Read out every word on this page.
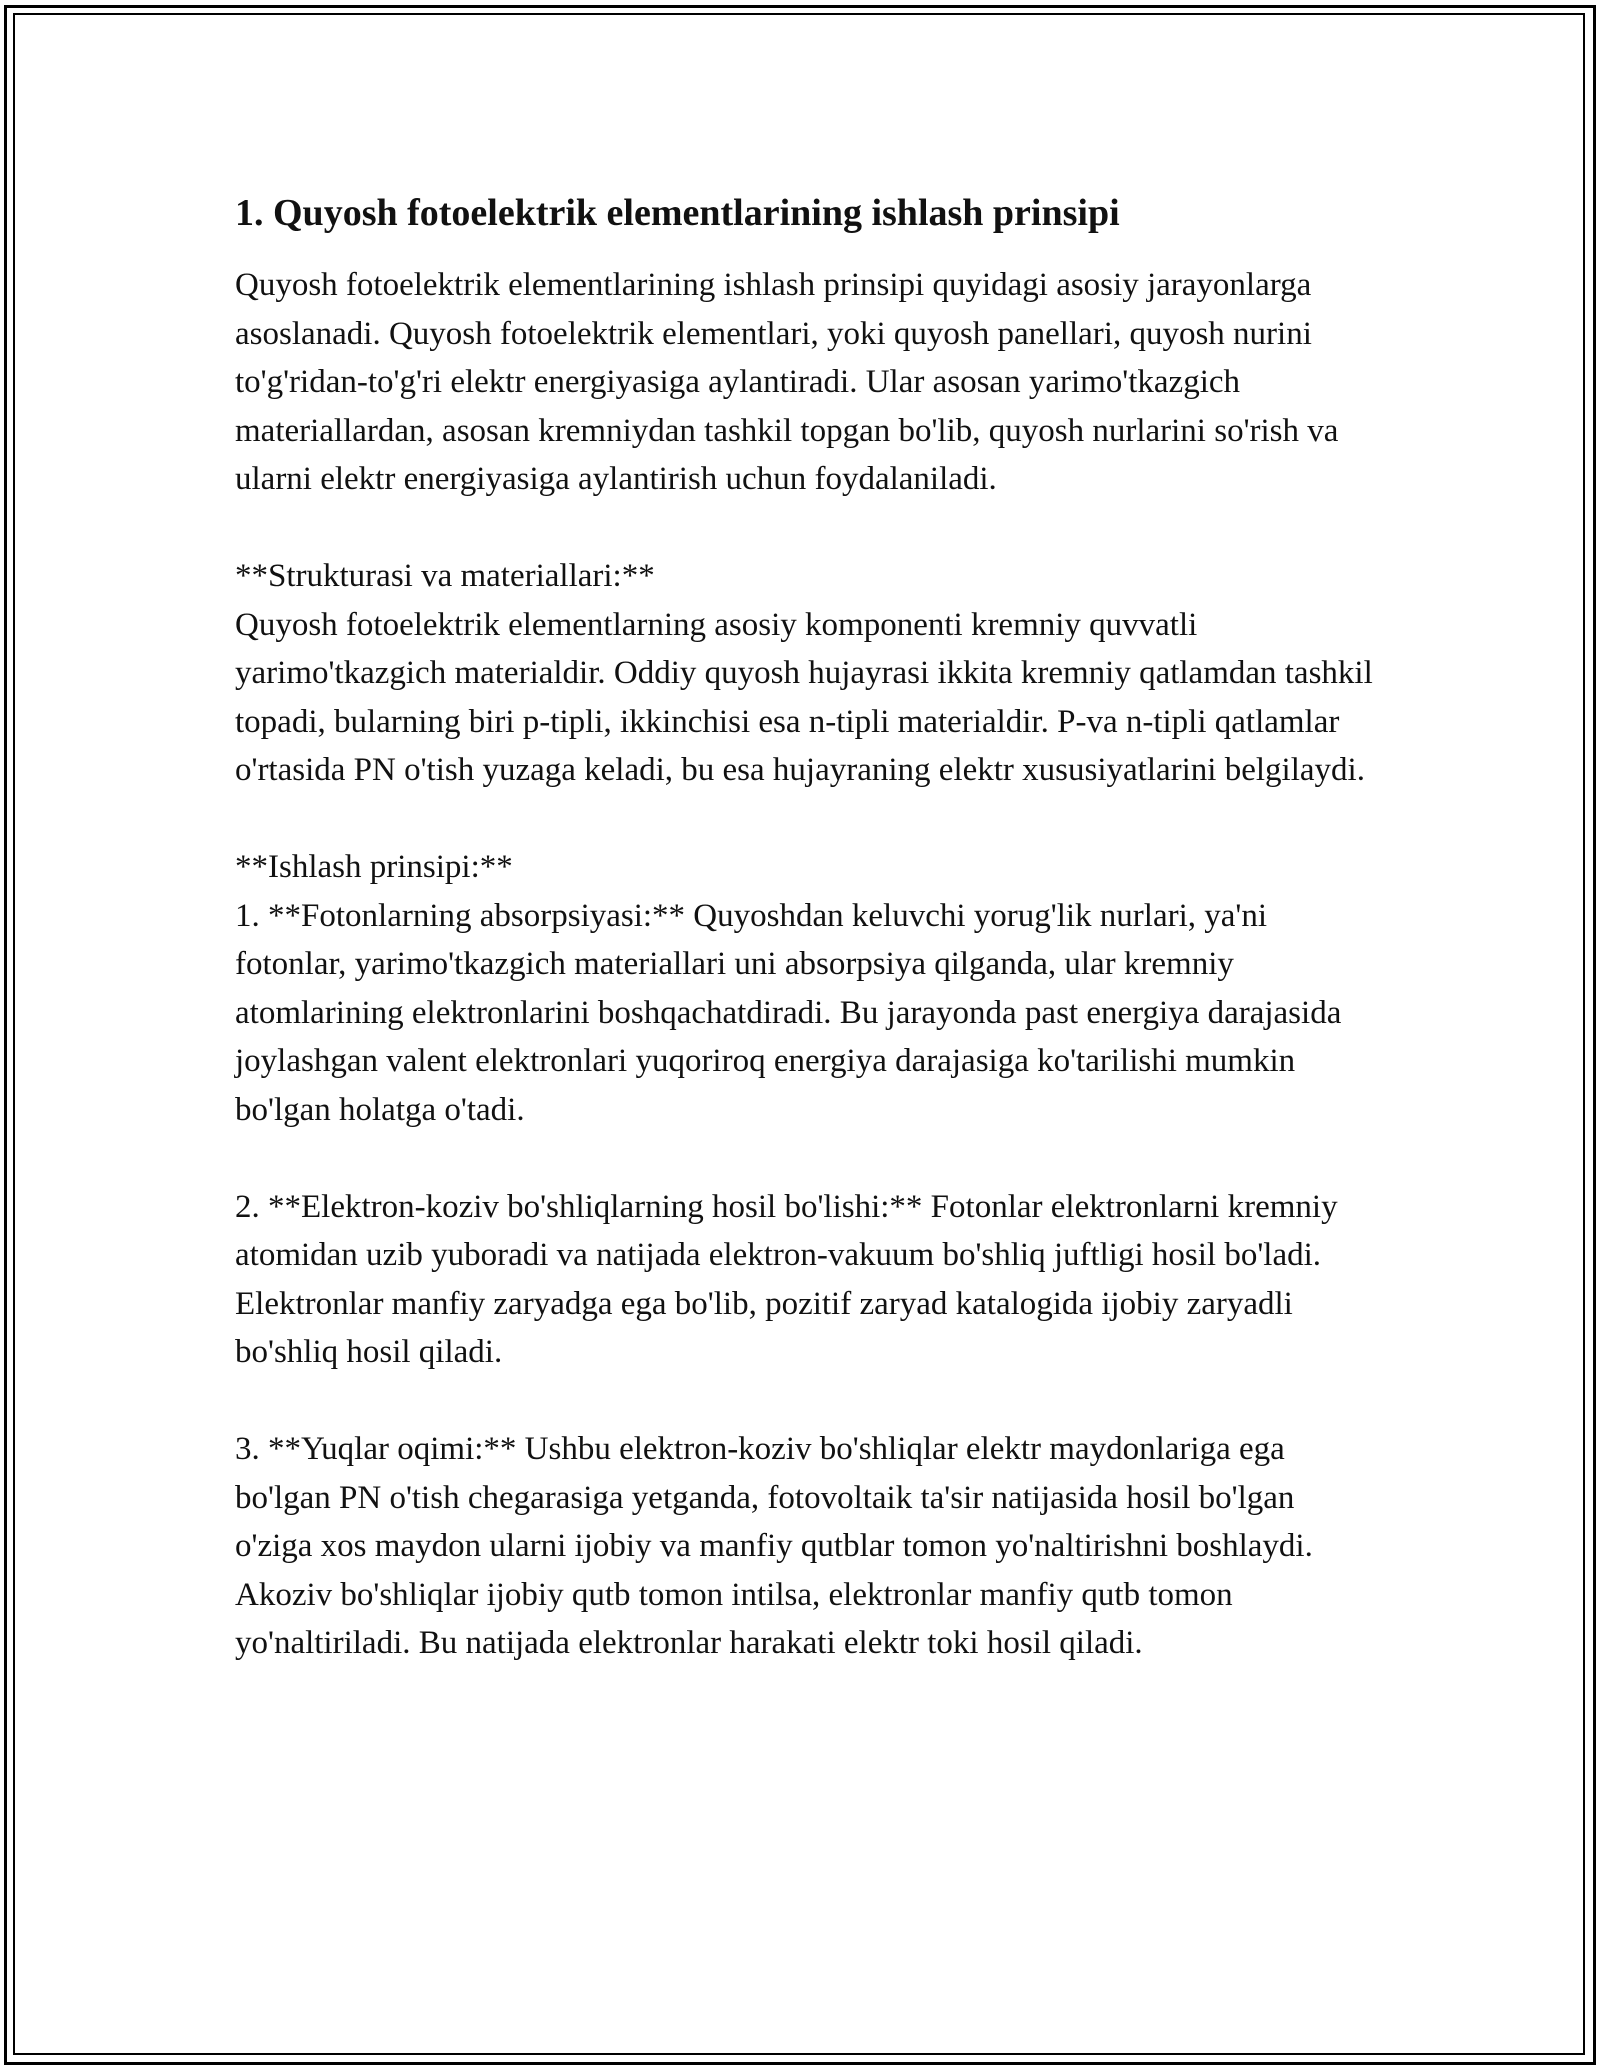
1. Quyosh fotoelektrik elementlarining ishlash prinsipi

Quyosh fotoelektrik elementlarining ishlash prinsipi quyidagi asosiy jarayonlarga asoslanadi. Quyosh fotoelektrik elementlari, yoki quyosh panellari, quyosh nurini to'g'ridan-to'g'ri elektr energiyasiga aylantiradi. Ular asosan yarimo'tkazgich materiallardan, asosan kremniydan tashkil topgan bo'lib, quyosh nurlarini so'rish va ularni elektr energiyasiga aylantirish uchun foydalaniladi.

**Strukturasi va materiallari:**
Quyosh fotoelektrik elementlarning asosiy komponenti kremniy quvvatli yarimo'tkazgich materialdir. Oddiy quyosh hujayrasi ikkita kremniy qatlamdan tashkil topadi, bularning biri p-tipli, ikkinchisi esa n-tipli materialdir. P-va n-tipli qatlamlar o'rtasida PN o'tish yuzaga keladi, bu esa hujayraning elektr xususiyatlarini belgilaydi.

**Ishlash prinsipi:**
1. **Fotonlarning absorpsiyasi:** Quyoshdan keluvchi yorug'lik nurlari, ya'ni fotonlar, yarimo'tkazgich materiallari uni absorpsiya qilganda, ular kremniy atomlarining elektronlarini boshqachatdiradi. Bu jarayonda past energiya darajasida joylashgan valent elektronlari yuqoriroq energiya darajasiga ko'tarilishi mumkin bo'lgan holatga o'tadi.

2. **Elektron-koziv bo'shliqlarning hosil bo'lishi:** Fotonlar elektronlarni kremniy atomidan uzib yuboradi va natijada elektron-vakuum bo'shliq juftligi hosil bo'ladi. Elektronlar manfiy zaryadga ega bo'lib, pozitif zaryad katalogida ijobiy zaryadli bo'shliq hosil qiladi.

3. **Yuqlar oqimi:** Ushbu elektron-koziv bo'shliqlar elektr maydonlariga ega bo'lgan PN o'tish chegarasiga yetganda, fotovoltaik ta'sir natijasida hosil bo'lgan o'ziga xos maydon ularni ijobiy va manfiy qutblar tomon yo'naltirishni boshlaydi. Akoziv bo'shliqlar ijobiy qutb tomon intilsa, elektronlar manfiy qutb tomon yo'naltiriladi. Bu natijada elektronlar harakati elektr toki hosil qiladi.
